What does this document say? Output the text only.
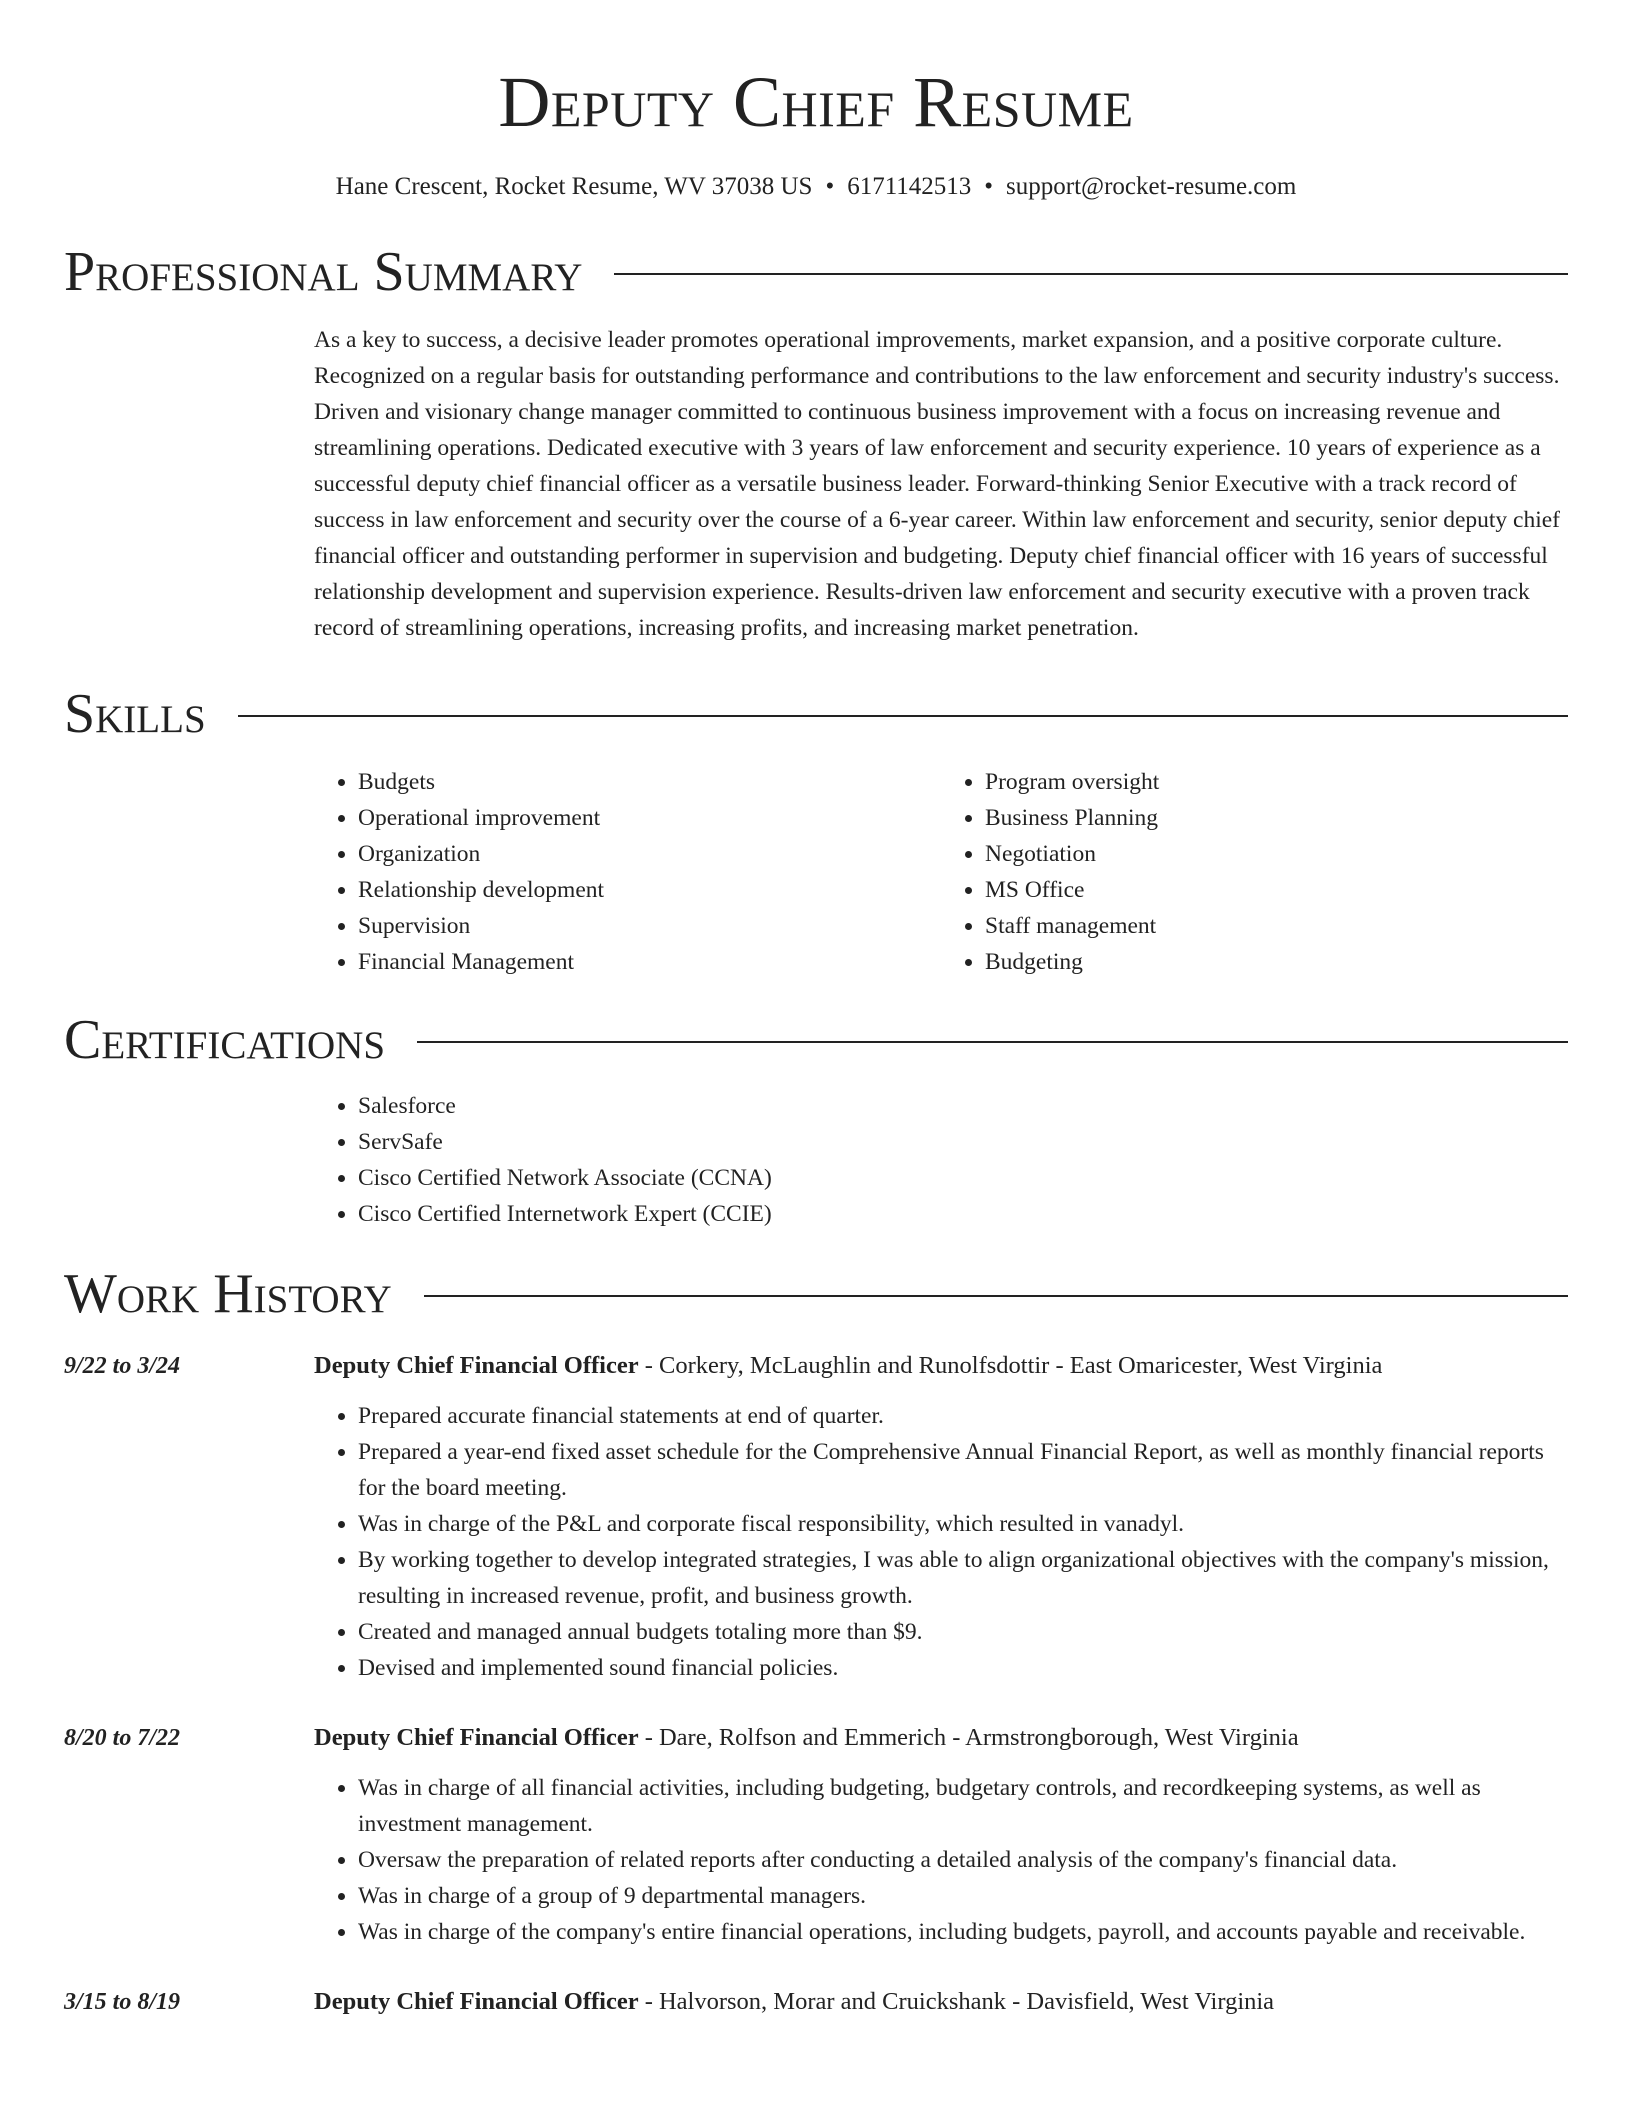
Deputy Chief Resume
Hane Crescent, Rocket Resume, WV 37038 US • 6171142513 • support@rocket-resume.com
Professional Summary

As a key to success, a decisive leader promotes operational improvements, market expansion, and a positive corporate culture. Recognized on a regular basis for outstanding performance and contributions to the law enforcement and security industry's success. Driven and visionary change manager committed to continuous business improvement with a focus on increasing revenue and streamlining operations. Dedicated executive with 3 years of law enforcement and security experience. 10 years of experience as a successful deputy chief financial officer as a versatile business leader. Forward-thinking Senior Executive with a track record of success in law enforcement and security over the course of a 6-year career. Within law enforcement and security, senior deputy chief financial officer and outstanding performer in supervision and budgeting. Deputy chief financial officer with 16 years of successful relationship development and supervision experience. Results-driven law enforcement and security executive with a proven track record of streamlining operations, increasing profits, and increasing market penetration.

Skills
• Budgets
• Operational improvement
• Organization
• Relationship development
• Supervision
• Financial Management
• Program oversight
• Business Planning
• Negotiation
• MS Office
• Staff management
• Budgeting
Certifications
• Salesforce
• ServSafe
• Cisco Certified Network Associate (CCNA)
• Cisco Certified Internetwork Expert (CCIE)
Work History
9/22 to 3/24	Deputy Chief Financial Officer - Corkery, McLaughlin and Runolfsdottir - East Omaricester, West Virginia

• Prepared accurate financial statements at end of quarter.
• Prepared a year-end fixed asset schedule for the Comprehensive Annual Financial Report, as well as monthly financial reports for the board meeting.
• Was in charge of the P&L and corporate fiscal responsibility, which resulted in vanadyl.
• By working together to develop integrated strategies, I was able to align organizational objectives with the company's mission, resulting in increased revenue, profit, and business growth.
• Created and managed annual budgets totaling more than $9.
• Devised and implemented sound financial policies.
8/20 to 7/22	Deputy Chief Financial Officer - Dare, Rolfson and Emmerich - Armstrongborough, West Virginia

• Was in charge of all financial activities, including budgeting, budgetary controls, and recordkeeping systems, as well as investment management.
• Oversaw the preparation of related reports after conducting a detailed analysis of the company's financial data.
• Was in charge of a group of 9 departmental managers.
• Was in charge of the company's entire financial operations, including budgets, payroll, and accounts payable and receivable.
3/15 to 8/19	Deputy Chief Financial Officer - Halvorson, Morar and Cruickshank - Davisfield, West Virginia
